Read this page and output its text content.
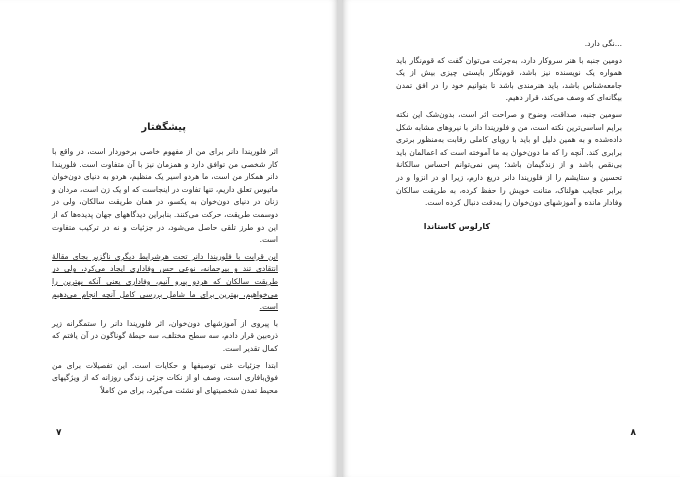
پیشگفتار

اثر فلوریندا دانر برای من از مفهوم خاصی برخوردار است، در واقع با کار شخصی من توافق دارد و همزمان نیز با آن متفاوت است. فلوریندا دانر همکار من است، ما هردو اسیر یک منظیم، هردو به دنیای دون‌خوان ماتیوس تعلق داریم، تنها تفاوت در اینجاست که او یک زن است، مردان و زنان در دنیای دون‌خوان به یکسو، در همان طریقت سالکان، ولی در دوسمت طریقت، حرکت می‌کنند. بنابراین دیدگاههای جهان پدیده‌ها که از این دو طرز تلقی حاصل می‌شود، در جزئیات و نه در ترکیب متفاوت است.

این قرابت با فلوریندا دانر تحت هرشرایط دیگری ناگزیر بجای مقالهٔ انتقادی تند و بیرحمانه، نوعی حس وفاداری ایجاد می‌کرد، ولی در طریقت سالکان که هردو پیرو آنیم، وفاداری یعنی آنکه بهترین را می‌خواهیم، بهترین برای ما شامل بررسی کامل آنچه انجام می‌دهیم است.

با پیروی از آموزشهای دون‌خوان، اثر فلوریندا دانر را ستمگرانه زیر ذره‌بین قرار دادم، سه سطح مختلف، سه حیطهٔ گوناگون در آن یافتم که کمال تقدیر است.

ابتدا جزئیات غنی توصیفها و حکایات است. این تفصیلات برای من فوق‌بافاری است، وصف او از نکات جزئی زندگی روزانه که از ویژگیهای محیط تمدن شخصیتهای او نشئت می‌گیرد، برای من کاملاً

۷

...نگی دارد.

دومین جنبه با هنر سروکار دارد، به‌جرئت می‌توان گفت که قوم‌نگار باید همواره یک نویسنده نیز باشد، قوم‌نگار بایستی چیزی بیش از یک جامعه‌شناس باشد، باید هنرمندی باشد تا بتوانیم خود را در افق تمدن بیگانه‌ای که وصف می‌کند، قرار دهیم.

سومین جنبه، صداقت، وضوح و صراحت اثر است، بدون‌شک این نکته برایم اساسی‌ترین نکته است، من و فلوریندا دانر با نیروهای مشابه شکل داده‌شده و به همین دلیل او باید با رویای کاملی رقابت به‌منظور برتری برابری کند. آنچه را که ما دون‌خوان به ما آموخته است که اعمالمان باید بی‌نقص باشد و از زندگیمان باشد؛ پس نمی‌توانم احساس سالکانهٔ تحسین و ستایشم را از فلوریندا دانر دریغ دارم، زیرا او در انزوا و در برابر عجایب هولناک، متانت خویش را حفظ کرده، به طریقت سالکان وفادار مانده و آموزشهای دون‌خوان را به‌دقت دنبال کرده است.

کارلوس کاستاندا
۸
